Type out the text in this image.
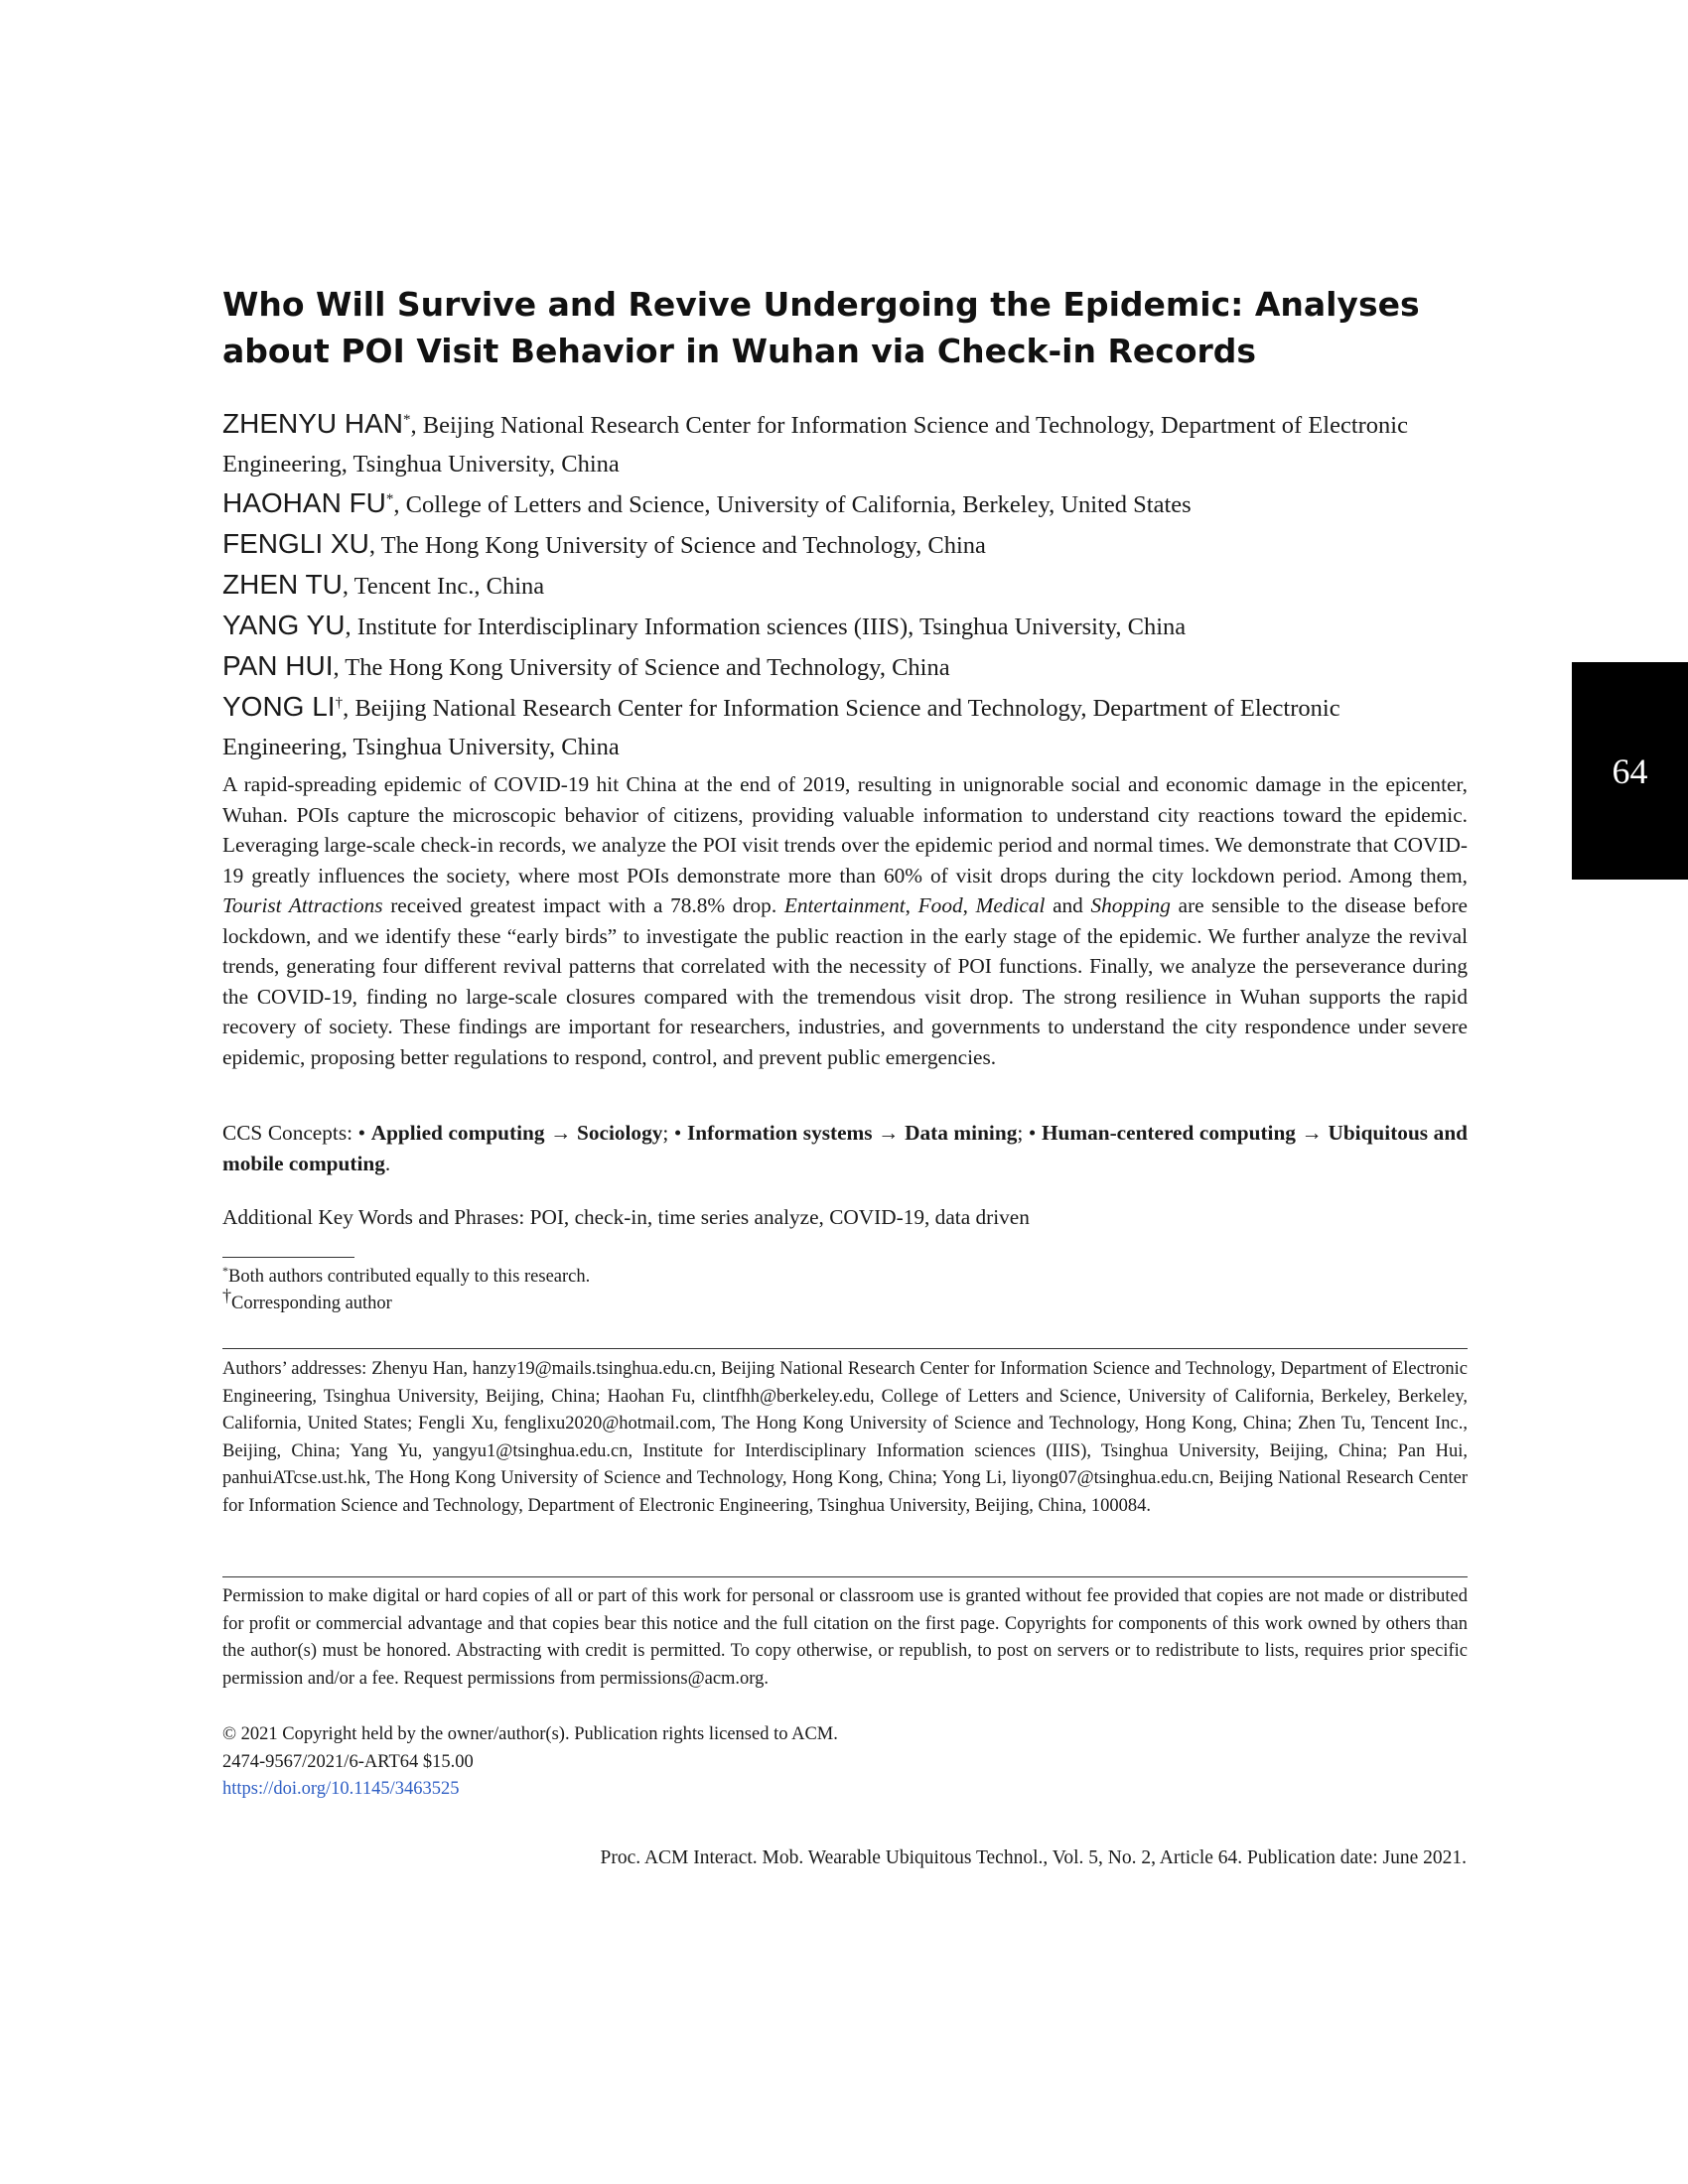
64
Who Will Survive and Revive Undergoing the Epidemic: Analyses
about POI Visit Behavior in Wuhan via Check-in Records

ZHENYU HAN*, Beijing National Research Center for Information Science and Technology, Department of Electronic Engineering, Tsinghua University, China

HAOHAN FU*, College of Letters and Science, University of California, Berkeley, United States

FENGLI XU, The Hong Kong University of Science and Technology, China

ZHEN TU, Tencent Inc., China

YANG YU, Institute for Interdisciplinary Information sciences (IIIS), Tsinghua University, China

PAN HUI, The Hong Kong University of Science and Technology, China

YONG LI†, Beijing National Research Center for Information Science and Technology, Department of Electronic Engineering, Tsinghua University, China

A rapid-spreading epidemic of COVID-19 hit China at the end of 2019, resulting in unignorable social and economic damage in the epicenter, Wuhan. POIs capture the microscopic behavior of citizens, providing valuable information to understand city reactions toward the epidemic. Leveraging large-scale check-in records, we analyze the POI visit trends over the epidemic period and normal times. We demonstrate that COVID-19 greatly influences the society, where most POIs demonstrate more than 60% of visit drops during the city lockdown period. Among them, Tourist Attractions received greatest impact with a 78.8% drop. Entertainment, Food, Medical and Shopping are sensible to the disease before lockdown, and we identify these “early birds” to investigate the public reaction in the early stage of the epidemic. We further analyze the revival trends, generating four different revival patterns that correlated with the necessity of POI functions. Finally, we analyze the perseverance during the COVID-19, finding no large-scale closures compared with the tremendous visit drop. The strong resilience in Wuhan supports the rapid recovery of society. These findings are important for researchers, industries, and governments to understand the city respondence under severe epidemic, proposing better regulations to respond, control, and prevent public emergencies.

CCS Concepts: • Applied computing → Sociology; • Information systems → Data mining; • Human-centered computing → Ubiquitous and mobile computing.

Additional Key Words and Phrases: POI, check-in, time series analyze, COVID-19, data driven

*Both authors contributed equally to this research.

†Corresponding author

Authors’ addresses: Zhenyu Han, hanzy19@mails.tsinghua.edu.cn, Beijing National Research Center for Information Science and Technology, Department of Electronic Engineering, Tsinghua University, Beijing, China; Haohan Fu, clintfhh@berkeley.edu, College of Letters and Science, University of California, Berkeley, Berkeley, California, United States; Fengli Xu, fenglixu2020@hotmail.com, The Hong Kong University of Science and Technology, Hong Kong, China; Zhen Tu, Tencent Inc., Beijing, China; Yang Yu, yangyu1@tsinghua.edu.cn, Institute for Interdisciplinary Information sciences (IIIS), Tsinghua University, Beijing, China; Pan Hui, panhuiATcse.ust.hk, The Hong Kong University of Science and Technology, Hong Kong, China; Yong Li, liyong07@tsinghua.edu.cn, Beijing National Research Center for Information Science and Technology, Department of Electronic Engineering, Tsinghua University, Beijing, China, 100084.

Permission to make digital or hard copies of all or part of this work for personal or classroom use is granted without fee provided that copies are not made or distributed for profit or commercial advantage and that copies bear this notice and the full citation on the first page. Copyrights for components of this work owned by others than the author(s) must be honored. Abstracting with credit is permitted. To copy otherwise, or republish, to post on servers or to redistribute to lists, requires prior specific permission and/or a fee. Request permissions from permissions@acm.org.

© 2021 Copyright held by the owner/author(s). Publication rights licensed to ACM.

2474-9567/2021/6-ART64 $15.00

https://doi.org/10.1145/3463525

Proc. ACM Interact. Mob. Wearable Ubiquitous Technol., Vol. 5, No. 2, Article 64. Publication date: June 2021.
